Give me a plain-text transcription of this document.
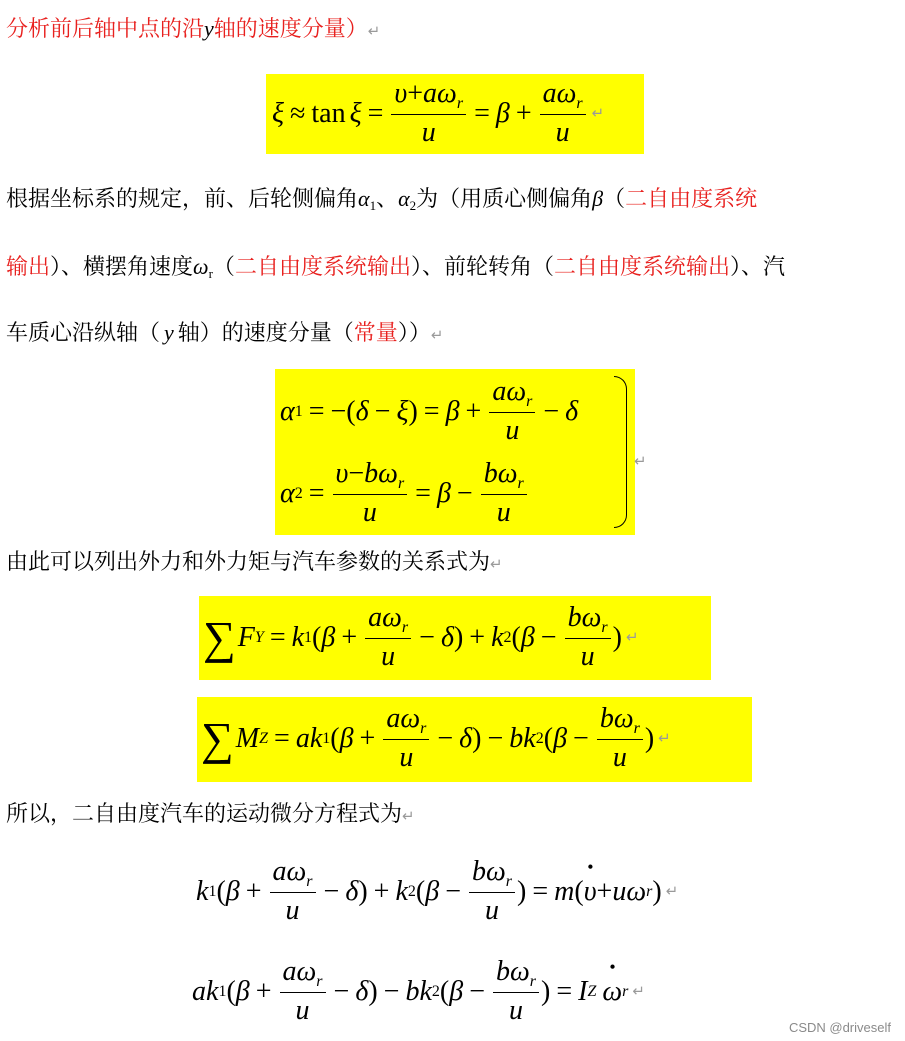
分析前后轴中点的沿y轴的速度分量）↵
$\xi \approx \tan \xi = \frac{\upsilon+a\omega_r}{u} = \beta + \frac{a\omega_r}{u}$ ↵
根据坐标系的规定，前、后轮侧偏角$\alpha_1$、$\alpha_2$为（用质心侧偏角β（二自由度系统
输出）、横摆角速度$\omega_r$（二自由度系统输出）、前轮转角（二自由度系统输出）、汽
车质心沿纵轴（ y 轴）的速度分量（常量））↵
α 1 = −( δ − ξ ) = $\beta + \frac{a\omega_r}{u} - \delta$
α $2 = \frac{\upsilon-b\omega_r}{u} = \beta - \frac{b\omega_r}{u}$	↵
由此可以列出外力和外力矩与汽车参数的关系式为↵
∑ F Y = k 1 ( $\beta + \frac{a\omega_r}{u} - \delta$ ) + k 2 ( $\beta - \frac{b\omega_r}{u}$ ) ↵
∑ M Z = ak 1 ( $\beta + \frac{a\omega_r}{u} - \delta$ ) − bk 2 ( $\beta - \frac{b\omega_r}{u}$ ) ↵
所以，二自由度汽车的运动微分方程式为↵
k 1 ( $\beta + \frac{a\omega_r}{u} - \delta$ ) + k 2 ( $\beta - \frac{b\omega_r}{u}$ ) = m ( • υ + uω r ) ↵
ak 1 ( $\beta + \frac{a\omega_r}{u} - \delta$ ) − bk 2 ( $\beta - \frac{b\omega_r}{u}$ ) = I Z • ω r ↵
CSDN @driveself
